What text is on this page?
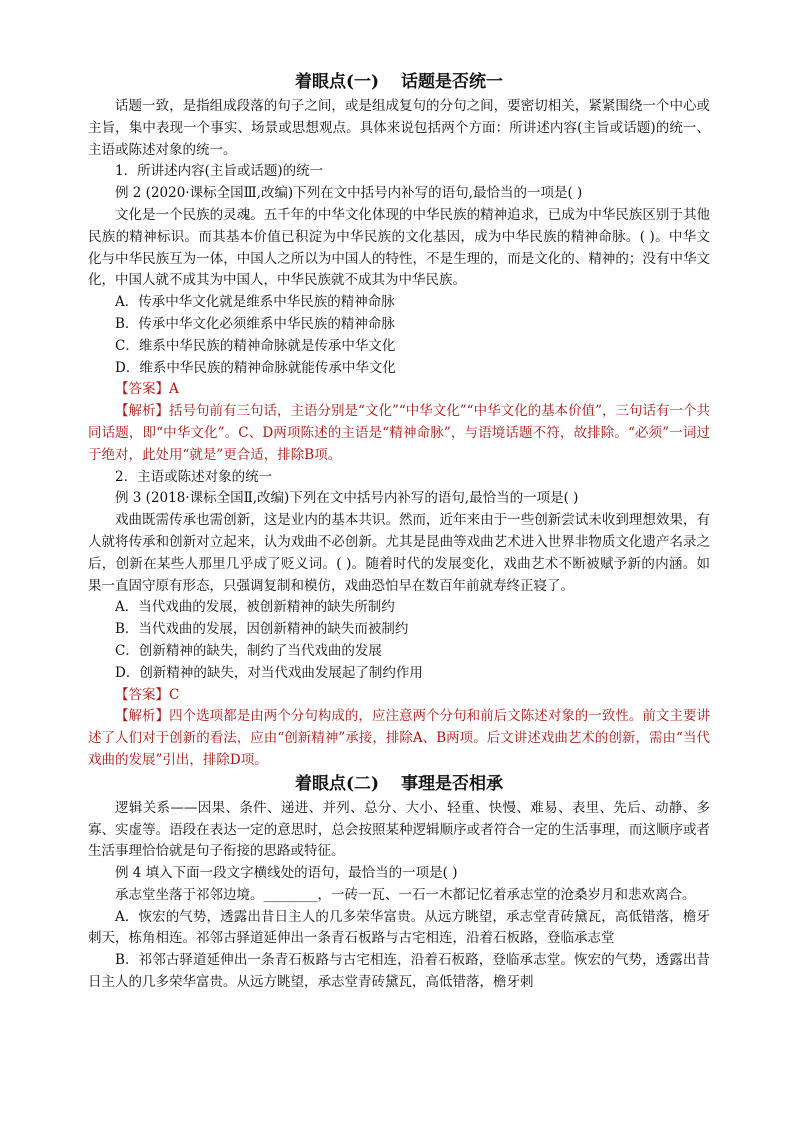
着眼点(一) 话题是否统一

话题一致，是指组成段落的句子之间，或是组成复句的分句之间，要密切相关，紧紧围绕一个中心或主旨，集中表现一个事实、场景或思想观点。具体来说包括两个方面：所讲述内容(主旨或话题)的统一、主语或陈述对象的统一。

1．所讲述内容(主旨或话题)的统一

例 2 (2020·课标全国Ⅲ,改编)下列在文中括号内补写的语句,最恰当的一项是( )

文化是一个民族的灵魂。五千年的中华文化体现的中华民族的精神追求，已成为中华民族区别于其他民族的精神标识。而其基本价值已积淀为中华民族的文化基因，成为中华民族的精神命脉。( )。中华文化与中华民族互为一体，中国人之所以为中国人的特性，不是生理的，而是文化的、精神的；没有中华文化，中国人就不成其为中国人，中华民族就不成其为中华民族。

A．传承中华文化就是维系中华民族的精神命脉

B．传承中华文化必须维系中华民族的精神命脉

C．维系中华民族的精神命脉就是传承中华文化

D．维系中华民族的精神命脉就能传承中华文化

【答案】A

【解析】括号句前有三句话，主语分别是“文化”“中华文化”“中华文化的基本价值”，三句话有一个共同话题，即“中华文化”。C、D两项陈述的主语是“精神命脉”，与语境话题不符，故排除。“必须”一词过于绝对，此处用“就是”更合适，排除B项。

2．主语或陈述对象的统一

例 3 (2018·课标全国Ⅱ,改编)下列在文中括号内补写的语句,最恰当的一项是( )

戏曲既需传承也需创新，这是业内的基本共识。然而，近年来由于一些创新尝试未收到理想效果，有人就将传承和创新对立起来，认为戏曲不必创新。尤其是昆曲等戏曲艺术进入世界非物质文化遗产名录之后，创新在某些人那里几乎成了贬义词。( )。随着时代的发展变化，戏曲艺术不断被赋予新的内涵。如果一直固守原有形态，只强调复制和模仿，戏曲恐怕早在数百年前就寿终正寝了。

A．当代戏曲的发展，被创新精神的缺失所制约

B．当代戏曲的发展，因创新精神的缺失而被制约

C．创新精神的缺失，制约了当代戏曲的发展

D．创新精神的缺失，对当代戏曲发展起了制约作用

【答案】C

【解析】四个选项都是由两个分句构成的，应注意两个分句和前后文陈述对象的一致性。前文主要讲述了人们对于创新的看法，应由“创新精神”承接，排除A、B两项。后文讲述戏曲艺术的创新，需由“当代戏曲的发展”引出，排除D项。

着眼点(二) 事理是否相承

逻辑关系——因果、条件、递进、并列、总分、大小、轻重、快慢、难易、表里、先后、动静、多寡、实虚等。语段在表达一定的意思时，总会按照某种逻辑顺序或者符合一定的生活事理，而这顺序或者生活事理恰恰就是句子衔接的思路或特征。

例 4 填入下面一段文字横线处的语句，最恰当的一项是( )

承志堂坐落于祁邻边境。________，一砖一瓦、一石一木都记忆着承志堂的沧桑岁月和悲欢离合。

A．恢宏的气势，透露出昔日主人的几多荣华富贵。从远方眺望，承志堂青砖黛瓦，高低错落，檐牙刺天，栋角相连。祁邻古驿道延伸出一条青石板路与古宅相连，沿着石板路，登临承志堂

B．祁邻古驿道延伸出一条青石板路与古宅相连，沿着石板路，登临承志堂。恢宏的气势，透露出昔日主人的几多荣华富贵。从远方眺望，承志堂青砖黛瓦，高低错落，檐牙刺
